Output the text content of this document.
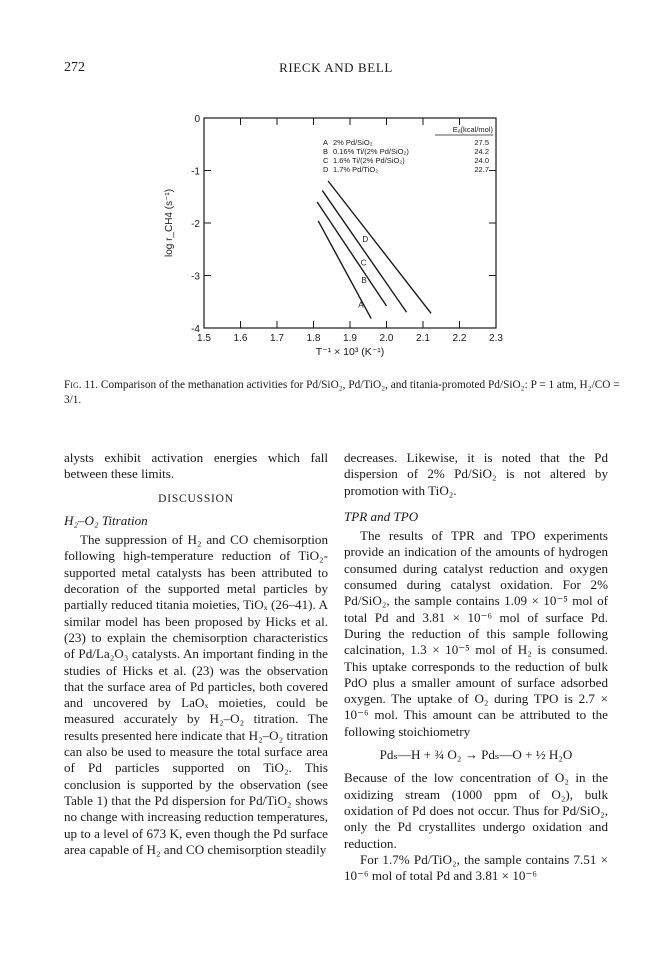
272	RIECK AND BELL
1.5 1.6 1.7 1.8 1.9 2.0 2.1 2.2 2.3
0
-1
-2
-3
-4
A
B
C
D
Eₐ(kcal/mol)
A 2% Pd/SiO₂	27.5
B 0.16% Ti/(2% Pd/SiO₂)	24.2
C 1.6% Ti/(2% Pd/SiO₂)	24.0
D 1.7% Pd/TiO₂	22.7
T⁻¹ × 10³ (K⁻¹)
log r_CH4 (s⁻¹)
Fig. 11. Comparison of the methanation activities for Pd/SiO₂, Pd/TiO₂, and titania-promoted Pd/SiO₂: P = 1 atm, H₂/CO = 3/1.

alysts exhibit activation energies which fall between these limits.

DISCUSSION
H₂–O₂ Titration

The suppression of H₂ and CO chemisorption following high-temperature reduction of TiO₂-supported metal catalysts has been attributed to decoration of the supported metal particles by partially reduced titania moieties, TiOₓ (26–41). A similar model has been proposed by Hicks et al. (23) to explain the chemisorption characteristics of Pd/La₂O₃ catalysts. An important finding in the studies of Hicks et al. (23) was the observation that the surface area of Pd particles, both covered and uncovered by LaOₓ moieties, could be measured accurately by H₂–O₂ titration. The results presented here indicate that H₂–O₂ titration can also be used to measure the total surface area of Pd particles supported on TiO₂. This conclusion is supported by the observation (see Table 1) that the Pd dispersion for Pd/TiO₂ shows no change with increasing reduction temperatures, up to a level of 673 K, even though the Pd surface area capable of H₂ and CO chemisorption steadily

decreases. Likewise, it is noted that the Pd dispersion of 2% Pd/SiO₂ is not altered by promotion with TiO₂.

TPR and TPO

The results of TPR and TPO experiments provide an indication of the amounts of hydrogen consumed during catalyst reduction and oxygen consumed during catalyst oxidation. For 2% Pd/SiO₂, the sample contains 1.09 × 10⁻⁵ mol of total Pd and 3.81 × 10⁻⁶ mol of surface Pd. During the reduction of this sample following calcination, 1.3 × 10⁻⁵ mol of H₂ is consumed. This uptake corresponds to the reduction of bulk PdO plus a smaller amount of surface adsorbed oxygen. The uptake of O₂ during TPO is 2.7 × 10⁻⁶ mol. This amount can be attributed to the following stoichiometry

Pdₛ—H + ¾ O₂ → Pdₛ—O + ½ H₂O

Because of the low concentration of O₂ in the oxidizing stream (1000 ppm of O₂), bulk oxidation of Pd does not occur. Thus for Pd/SiO₂, only the Pd crystallites undergo oxidation and reduction.

For 1.7% Pd/TiO₂, the sample contains 7.51 × 10⁻⁶ mol of total Pd and 3.81 × 10⁻⁶
